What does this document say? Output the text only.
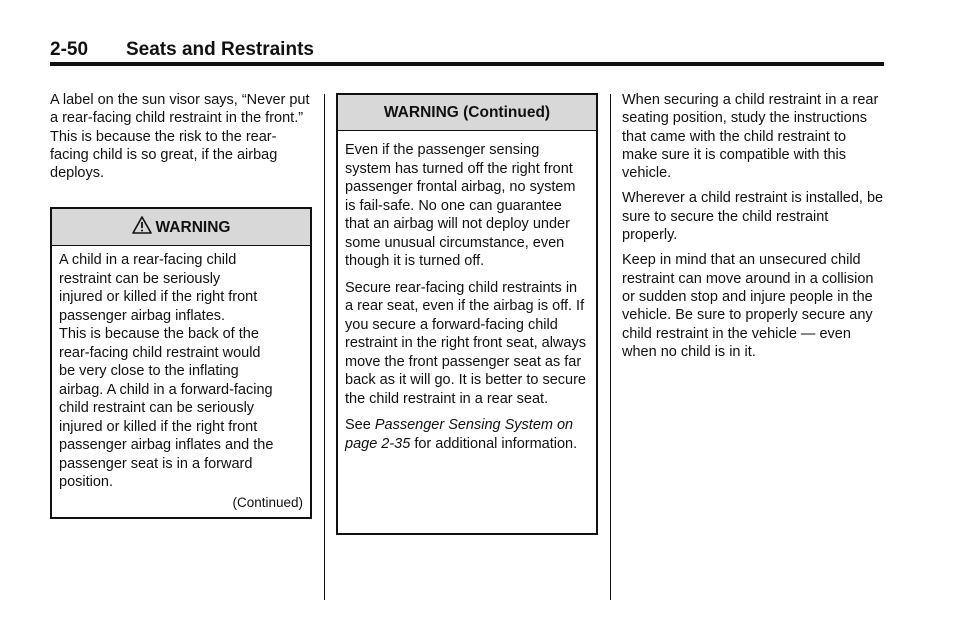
2-50 Seats and Restraints

A label on the sun visor says, “Never put a rear-facing child restraint in the front.” This is because the risk to the rear-facing child is so great, if the airbag deploys.

WARNING
A child in a rear-facing child
restraint can be seriously
injured or killed if the right front
passenger airbag inflates.
This is because the back of the
rear-facing child restraint would
be very close to the inflating
airbag. A child in a forward-facing
child restraint can be seriously
injured or killed if the right front
passenger airbag inflates and the
passenger seat is in a forward
position.
(Continued)
WARNING (Continued)

Even if the passenger sensing system has turned off the right front passenger frontal airbag, no system is fail-safe. No one can guarantee that an airbag will not deploy under some unusual circumstance, even though it is turned off.

Secure rear-facing child restraints in a rear seat, even if the airbag is off. If you secure a forward-facing child restraint in the right front seat, always move the front passenger seat as far back as it will go. It is better to secure the child restraint in a rear seat.

See Passenger Sensing System on page 2-35 for additional information.

When securing a child restraint in a rear seating position, study the instructions that came with the child restraint to make sure it is compatible with this vehicle.

Wherever a child restraint is installed, be sure to secure the child restraint properly.

Keep in mind that an unsecured child restraint can move around in a collision or sudden stop and injure people in the vehicle. Be sure to properly secure any child restraint in the vehicle — even when no child is in it.
